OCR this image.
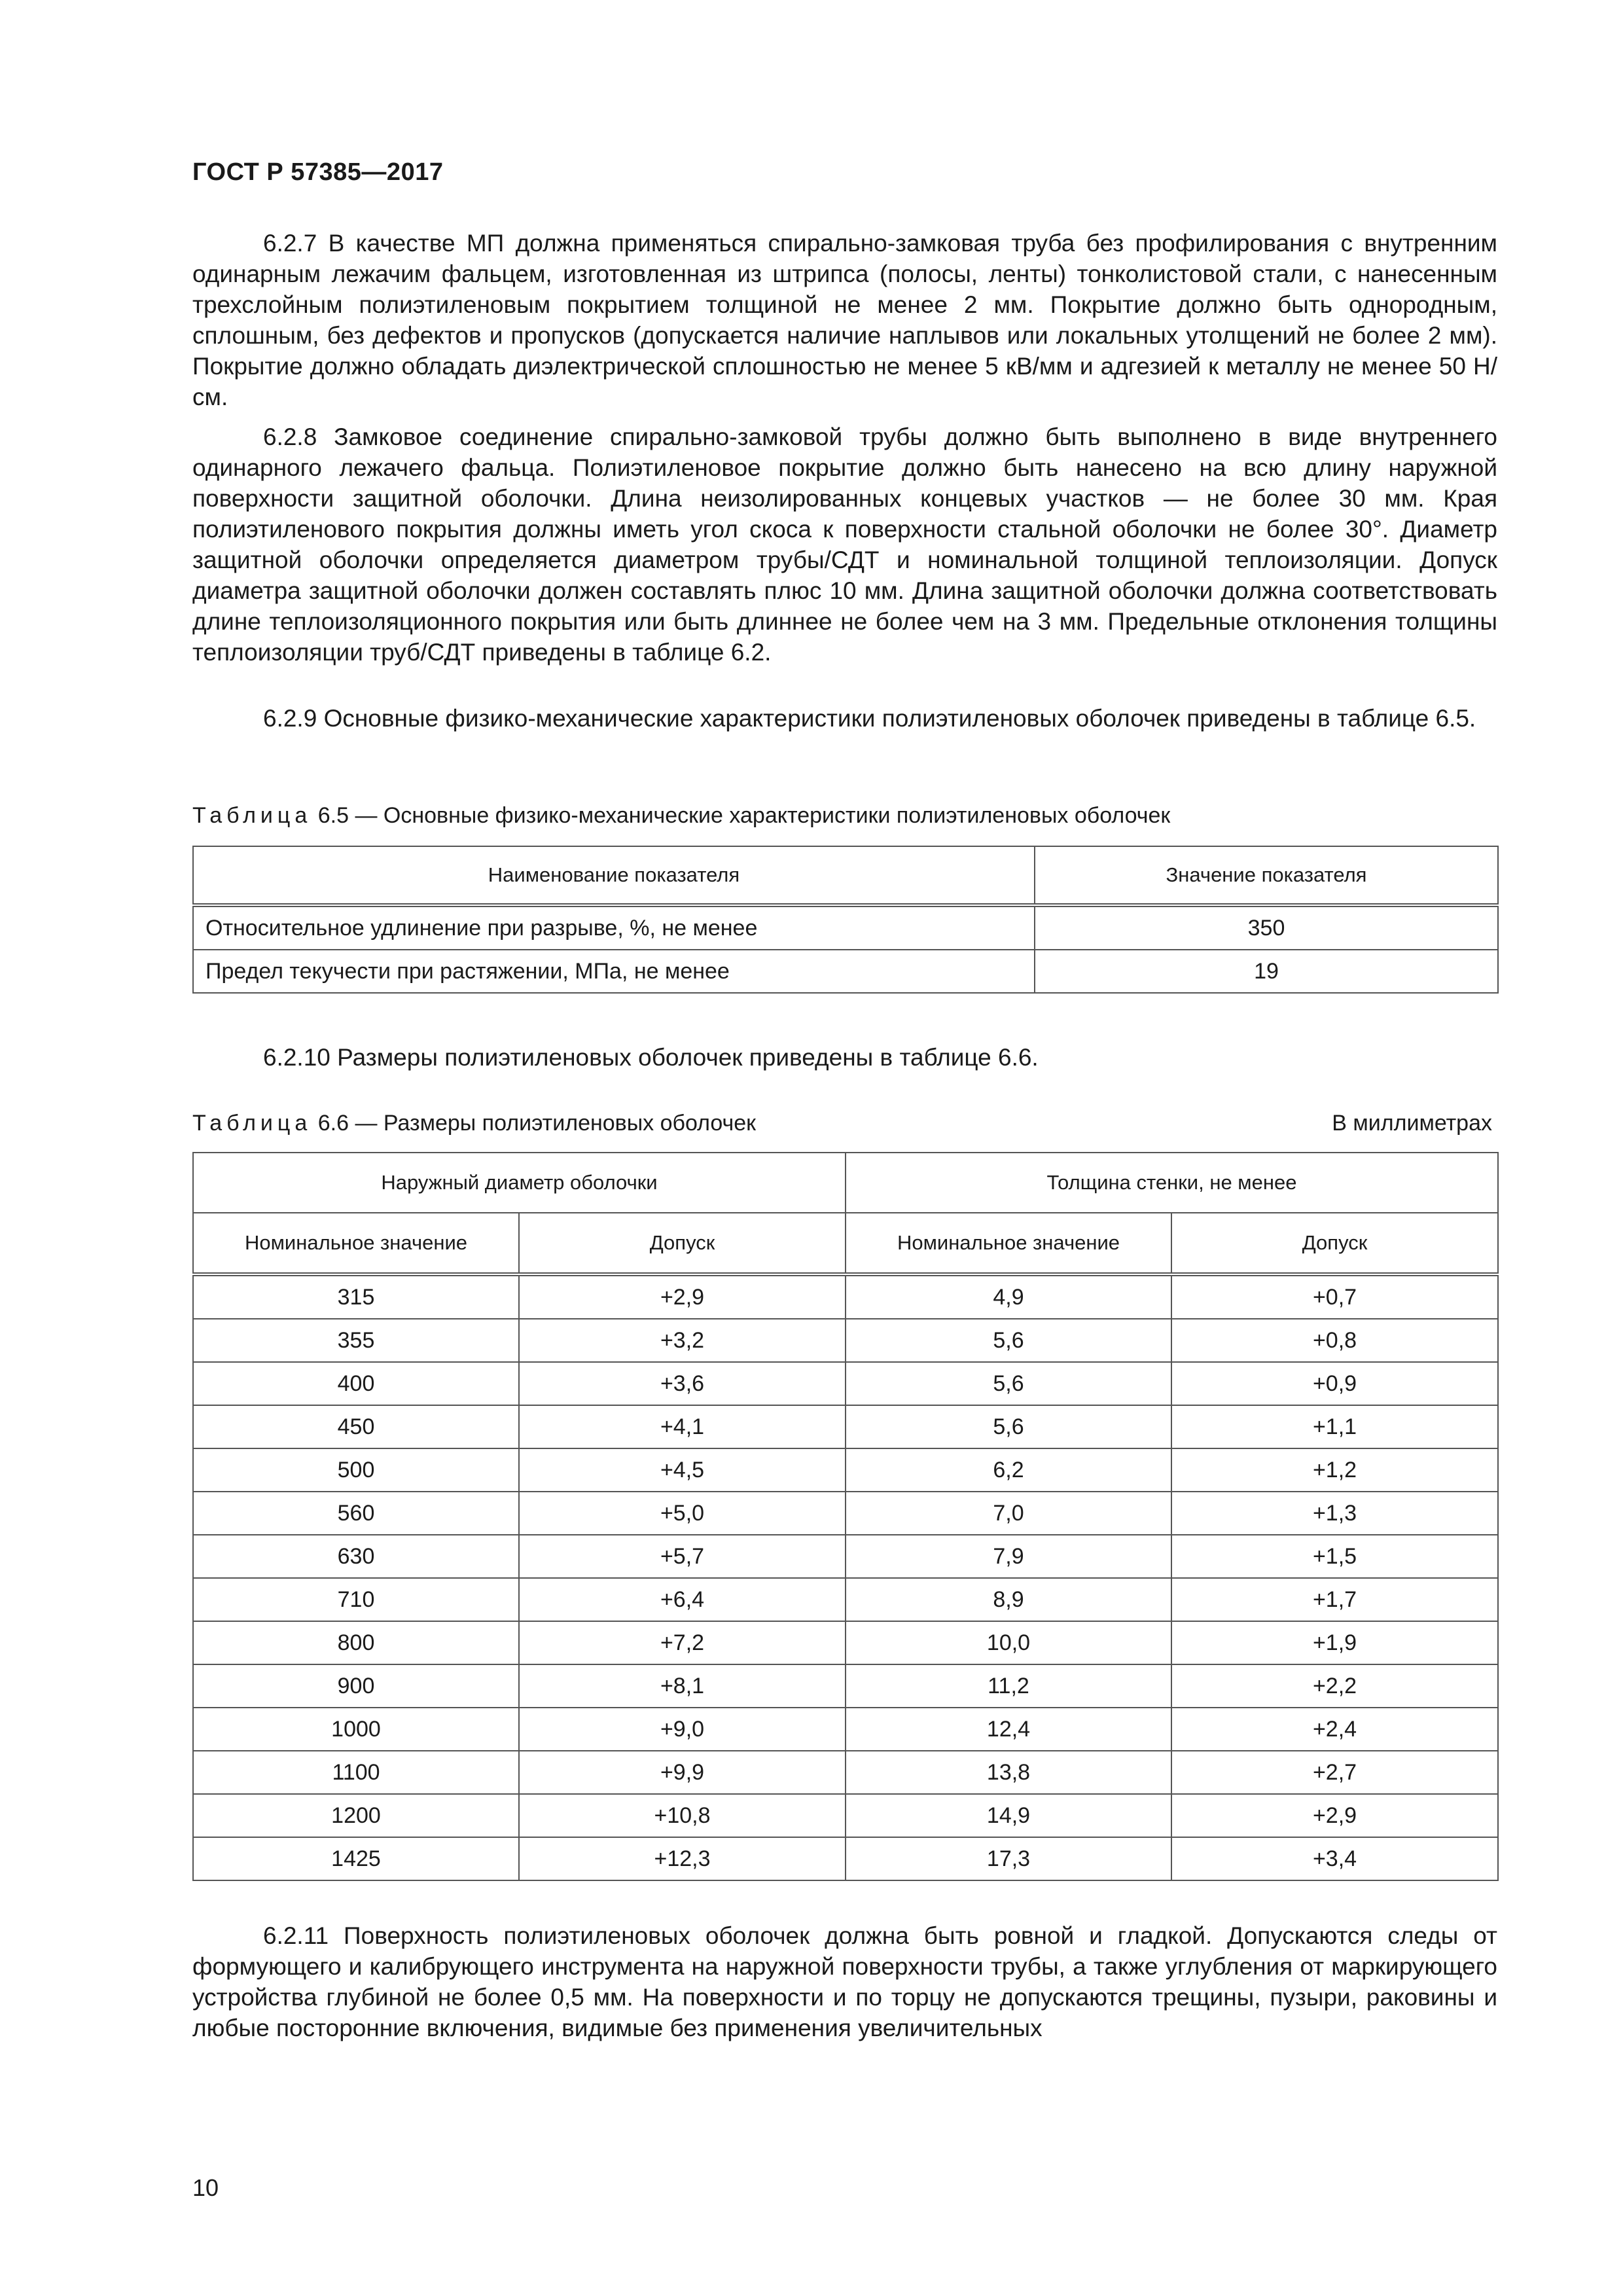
ГОСТ Р 57385—2017

6.2.7 В качестве МП должна применяться спирально-замковая труба без профилирования с внутренним одинарным лежачим фальцем, изготовленная из штрипса (полосы, ленты) тонколистовой стали, с нанесенным трехслойным полиэтиленовым покрытием толщиной не менее 2 мм. Покрытие должно быть однородным, сплошным, без дефектов и пропусков (допускается наличие наплывов или локальных утолщений не более 2 мм). Покрытие должно обладать диэлектрической сплошностью не менее 5 кВ/мм и адгезией к металлу не менее 50 Н/см.

6.2.8 Замковое соединение спирально-замковой трубы должно быть выполнено в виде внутреннего одинарного лежачего фальца. Полиэтиленовое покрытие должно быть нанесено на всю длину наружной поверхности защитной оболочки. Длина неизолированных концевых участков — не более 30 мм. Края полиэтиленового покрытия должны иметь угол скоса к поверхности стальной оболочки не более 30°. Диаметр защитной оболочки определяется диаметром трубы/СДТ и номинальной толщиной теплоизоляции. Допуск диаметра защитной оболочки должен составлять плюс 10 мм. Длина защитной оболочки должна соответствовать длине теплоизоляционного покрытия или быть длиннее не более чем на 3 мм. Предельные отклонения толщины теплоизоляции труб/СДТ приведены в таблице 6.2.

6.2.9 Основные физико-механические характеристики полиэтиленовых оболочек приведены в таблице 6.5.

Таблица 6.5 — Основные физико-механические характеристики полиэтиленовых оболочек
Наименование показателя	Значение показателя
Относительное удлинение при разрыве, %, не менее	350
Предел текучести при растяжении, МПа, не менее	19

6.2.10 Размеры полиэтиленовых оболочек приведены в таблице 6.6.

Таблица 6.6 — Размеры полиэтиленовых оболочек	В миллиметрах
Наружный диаметр оболочки		Толщина стенки, не менее	
Номинальное значение	Допуск	Номинальное значение	Допуск
315	+2,9	4,9	+0,7
355	+3,2	5,6	+0,8
400	+3,6	5,6	+0,9
450	+4,1	5,6	+1,1
500	+4,5	6,2	+1,2
560	+5,0	7,0	+1,3
630	+5,7	7,9	+1,5
710	+6,4	8,9	+1,7
800	+7,2	10,0	+1,9
900	+8,1	11,2	+2,2
1000	+9,0	12,4	+2,4
1100	+9,9	13,8	+2,7
1200	+10,8	14,9	+2,9
1425	+12,3	17,3	+3,4

6.2.11 Поверхность полиэтиленовых оболочек должна быть ровной и гладкой. Допускаются следы от формующего и калибрующего инструмента на наружной поверхности трубы, а также углубления от маркирующего устройства глубиной не более 0,5 мм. На поверхности и по торцу не допускаются трещины, пузыри, раковины и любые посторонние включения, видимые без применения увеличительных

10
